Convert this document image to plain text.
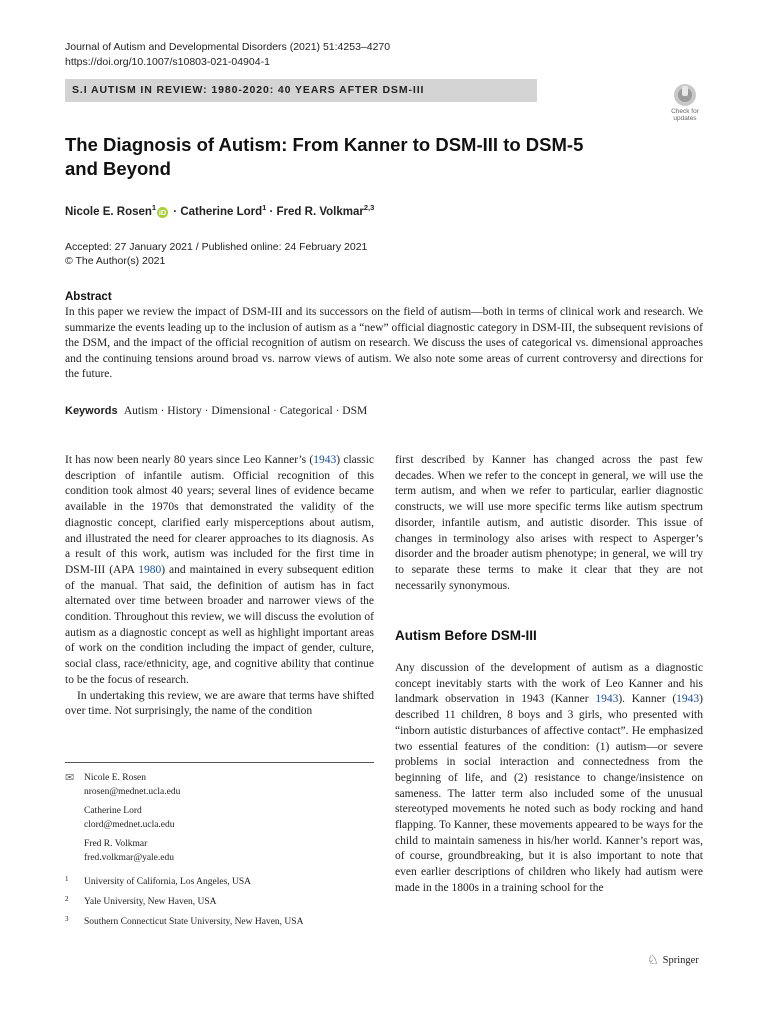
Journal of Autism and Developmental Disorders (2021) 51:4253–4270
https://doi.org/10.1007/s10803-021-04904-1
S.I AUTISM IN REVIEW: 1980-2020: 40 YEARS AFTER DSM-III
Check for
updates
The Diagnosis of Autism: From Kanner to DSM-III to DSM-5
and Beyond
Nicole E. Rosen$^1$iD · Catherine Lord$^1$ · Fred R. Volkmar$^{2,3}$
Accepted: 27 January 2021 / Published online: 24 February 2021
© The Author(s) 2021
Abstract
In this paper we review the impact of DSM-III and its successors on the field of autism—both in terms of clinical work and research. We summarize the events leading up to the inclusion of autism as a “new” official diagnostic category in DSM-III, the subsequent revisions of the DSM, and the impact of the official recognition of autism on research. We discuss the uses of categorical vs. dimensional approaches and the continuing tensions around broad vs. narrow views of autism. We also note some areas of current controversy and directions for the future.
Keywords Autism · History · Dimensional · Categorical · DSM

It has now been nearly 80 years since Leo Kanner’s (1943) classic description of infantile autism. Official recognition of this condition took almost 40 years; several lines of evidence became available in the 1970s that demonstrated the validity of the diagnostic concept, clarified early misperceptions about autism, and illustrated the need for clearer approaches to its diagnosis. As a result of this work, autism was included for the first time in DSM-III (APA 1980) and maintained in every subsequent edition of the manual. That said, the definition of autism has in fact alternated over time between broader and narrower views of the condition. Throughout this review, we will discuss the evolution of autism as a diagnostic concept as well as highlight important areas of work on the condition including the impact of gender, culture, social class, race/ethnicity, age, and cognitive ability that continue to be the focus of research.

In undertaking this review, we are aware that terms have shifted over time. Not surprisingly, the name of the condition

first described by Kanner has changed across the past few decades. When we refer to the concept in general, we will use the term autism, and when we refer to particular, earlier diagnostic constructs, we will use more specific terms like autism spectrum disorder, infantile autism, and autistic disorder. This issue of changes in terminology also arises with respect to Asperger’s disorder and the broader autism phenotype; in general, we will try to separate these terms to make it clear that they are not necessarily synonymous.

Autism Before DSM-III

Any discussion of the development of autism as a diagnostic concept inevitably starts with the work of Leo Kanner and his landmark observation in 1943 (Kanner 1943). Kanner (1943) described 11 children, 8 boys and 3 girls, who presented with “inborn autistic disturbances of affective contact”. He emphasized two essential features of the condition: (1) autism—or severe problems in social interaction and connectedness from the beginning of life, and (2) resistance to change/insistence on sameness. The latter term also included some of the unusual stereotyped movements he noted such as body rocking and hand flapping. To Kanner, these movements appeared to be ways for the child to maintain sameness in his/her world. Kanner’s report was, of course, groundbreaking, but it is also important to note that even earlier descriptions of children who likely had autism were made in the 1800s in a training school for the

✉	Nicole E. Rosen
nrosen@mednet.ucla.edu
Catherine Lord
clord@mednet.ucla.edu
Fred R. Volkmar
fred.volkmar@yale.edu
1 University of California, Los Angeles, USA
2 Yale University, New Haven, USA
3 Southern Connecticut State University, New Haven, USA
♘ Springer
